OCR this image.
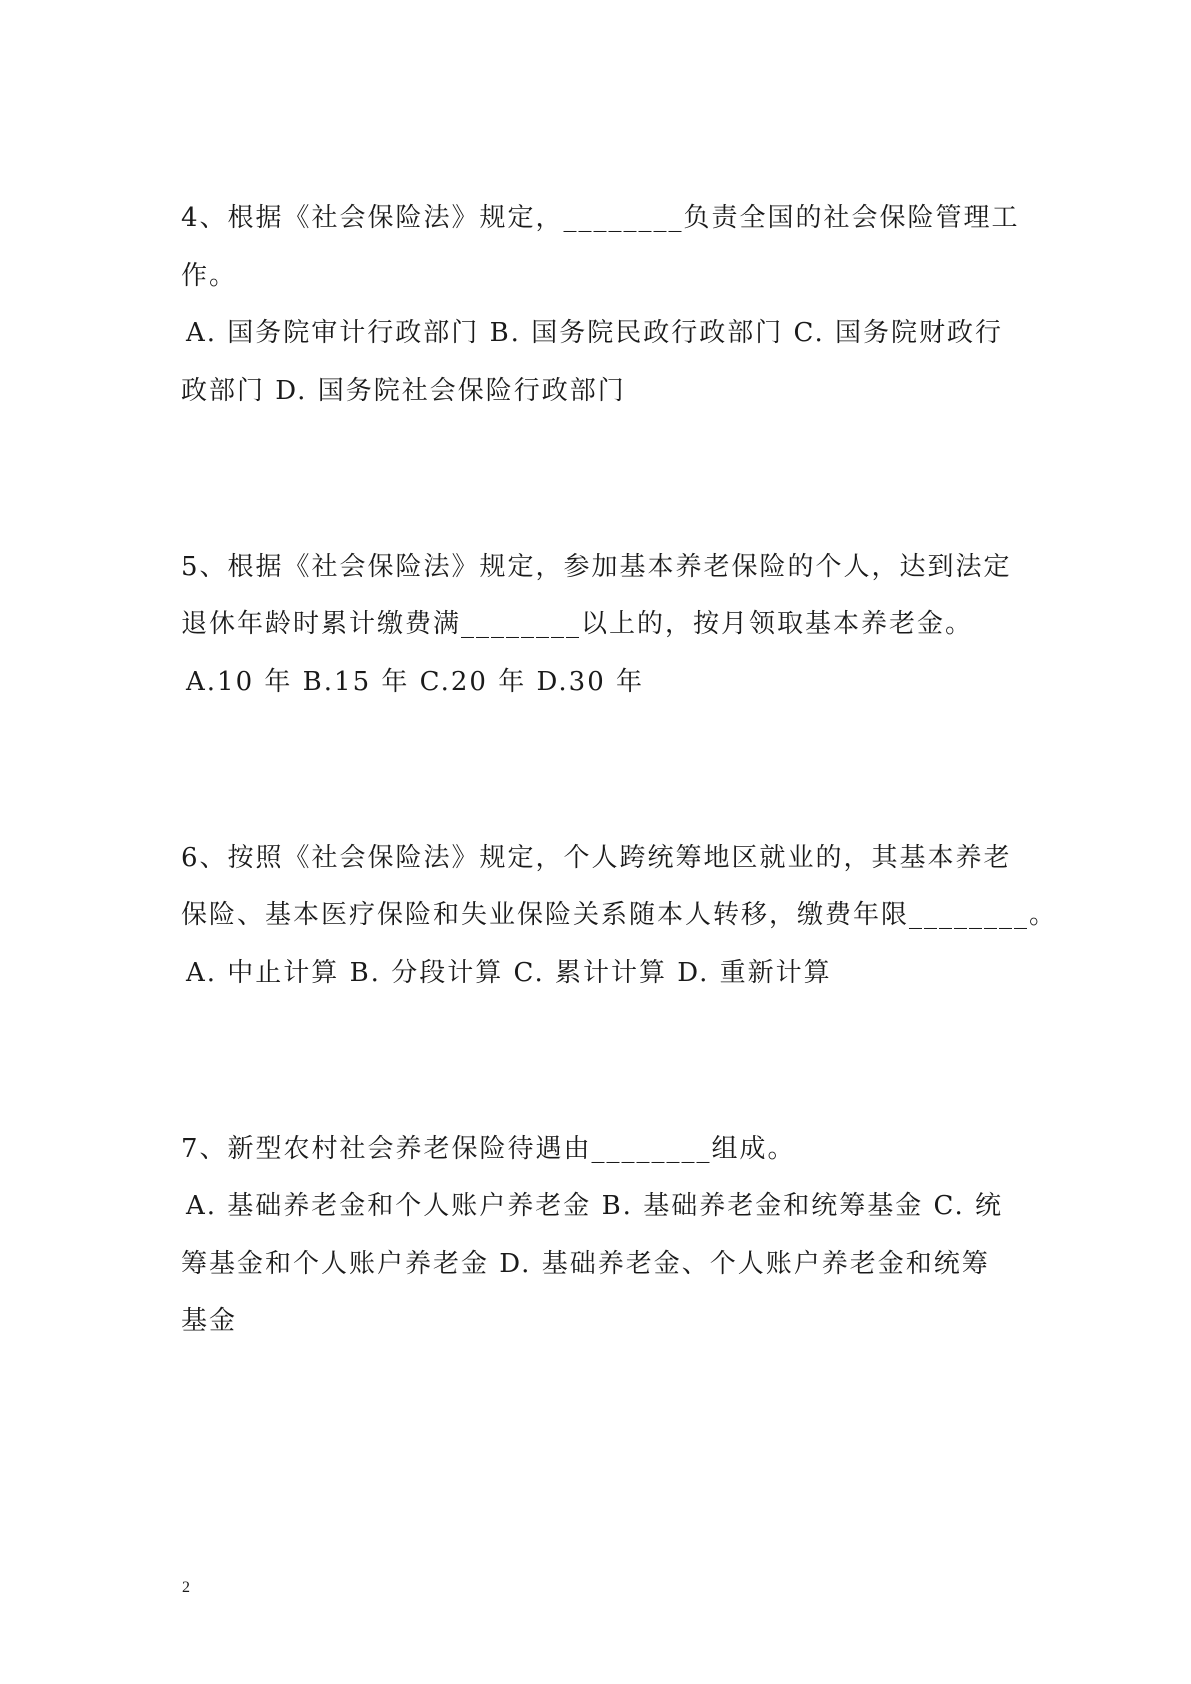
4、根据《社会保险法》规定，________负责全国的社会保险管理工
作。
A. 国务院审计行政部门 B. 国务院民政行政部门 C. 国务院财政行
政部门 D. 国务院社会保险行政部门
5、根据《社会保险法》规定，参加基本养老保险的个人，达到法定
退休年龄时累计缴费满________以上的，按月领取基本养老金。
A.10 年 B.15 年 C.20 年 D.30 年
6、按照《社会保险法》规定，个人跨统筹地区就业的，其基本养老
保险、基本医疗保险和失业保险关系随本人转移，缴费年限________。
A. 中止计算 B. 分段计算 C. 累计计算 D. 重新计算
7、新型农村社会养老保险待遇由________组成。
A. 基础养老金和个人账户养老金 B. 基础养老金和统筹基金 C. 统
筹基金和个人账户养老金 D. 基础养老金、个人账户养老金和统筹
基金
2
